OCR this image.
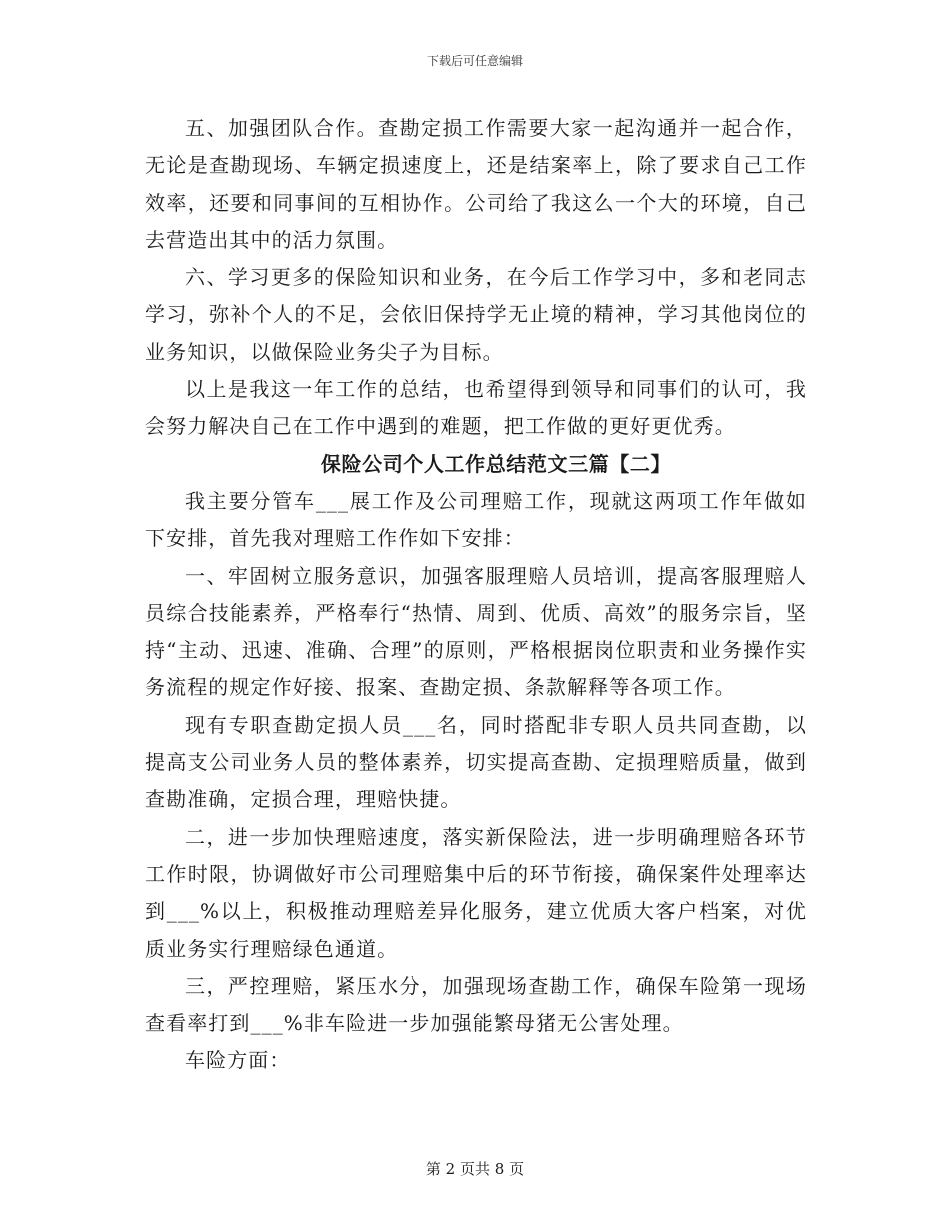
下载后可任意编辑

五、加强团队合作。查勘定损工作需要大家一起沟通并一起合作，无论是查勘现场、车辆定损速度上，还是结案率上，除了要求自己工作效率，还要和同事间的互相协作。公司给了我这么一个大的环境，自己去营造出其中的活力氛围。

六、学习更多的保险知识和业务，在今后工作学习中，多和老同志学习，弥补个人的不足，会依旧保持学无止境的精神，学习其他岗位的业务知识，以做保险业务尖子为目标。

以上是我这一年工作的总结，也希望得到领导和同事们的认可，我会努力解决自己在工作中遇到的难题，把工作做的更好更优秀。

保险公司个人工作总结范文三篇【二】

我主要分管车___展工作及公司理赔工作，现就这两项工作年做如下安排，首先我对理赔工作作如下安排：

一、牢固树立服务意识，加强客服理赔人员培训，提高客服理赔人员综合技能素养，严格奉行“热情、周到、优质、高效”的服务宗旨，坚持“主动、迅速、准确、合理”的原则，严格根据岗位职责和业务操作实务流程的规定作好接、报案、查勘定损、条款解释等各项工作。

现有专职查勘定损人员___名，同时搭配非专职人员共同查勘，以提高支公司业务人员的整体素养，切实提高查勘、定损理赔质量，做到查勘准确，定损合理，理赔快捷。

二，进一步加快理赔速度，落实新保险法，进一步明确理赔各环节工作时限，协调做好市公司理赔集中后的环节衔接，确保案件处理率达到___%以上，积极推动理赔差异化服务，建立优质大客户档案，对优质业务实行理赔绿色通道。

三，严控理赔，紧压水分，加强现场查勘工作，确保车险第一现场查看率打到___%非车险进一步加强能繁母猪无公害处理。

车险方面：

第 2 页共 8 页
